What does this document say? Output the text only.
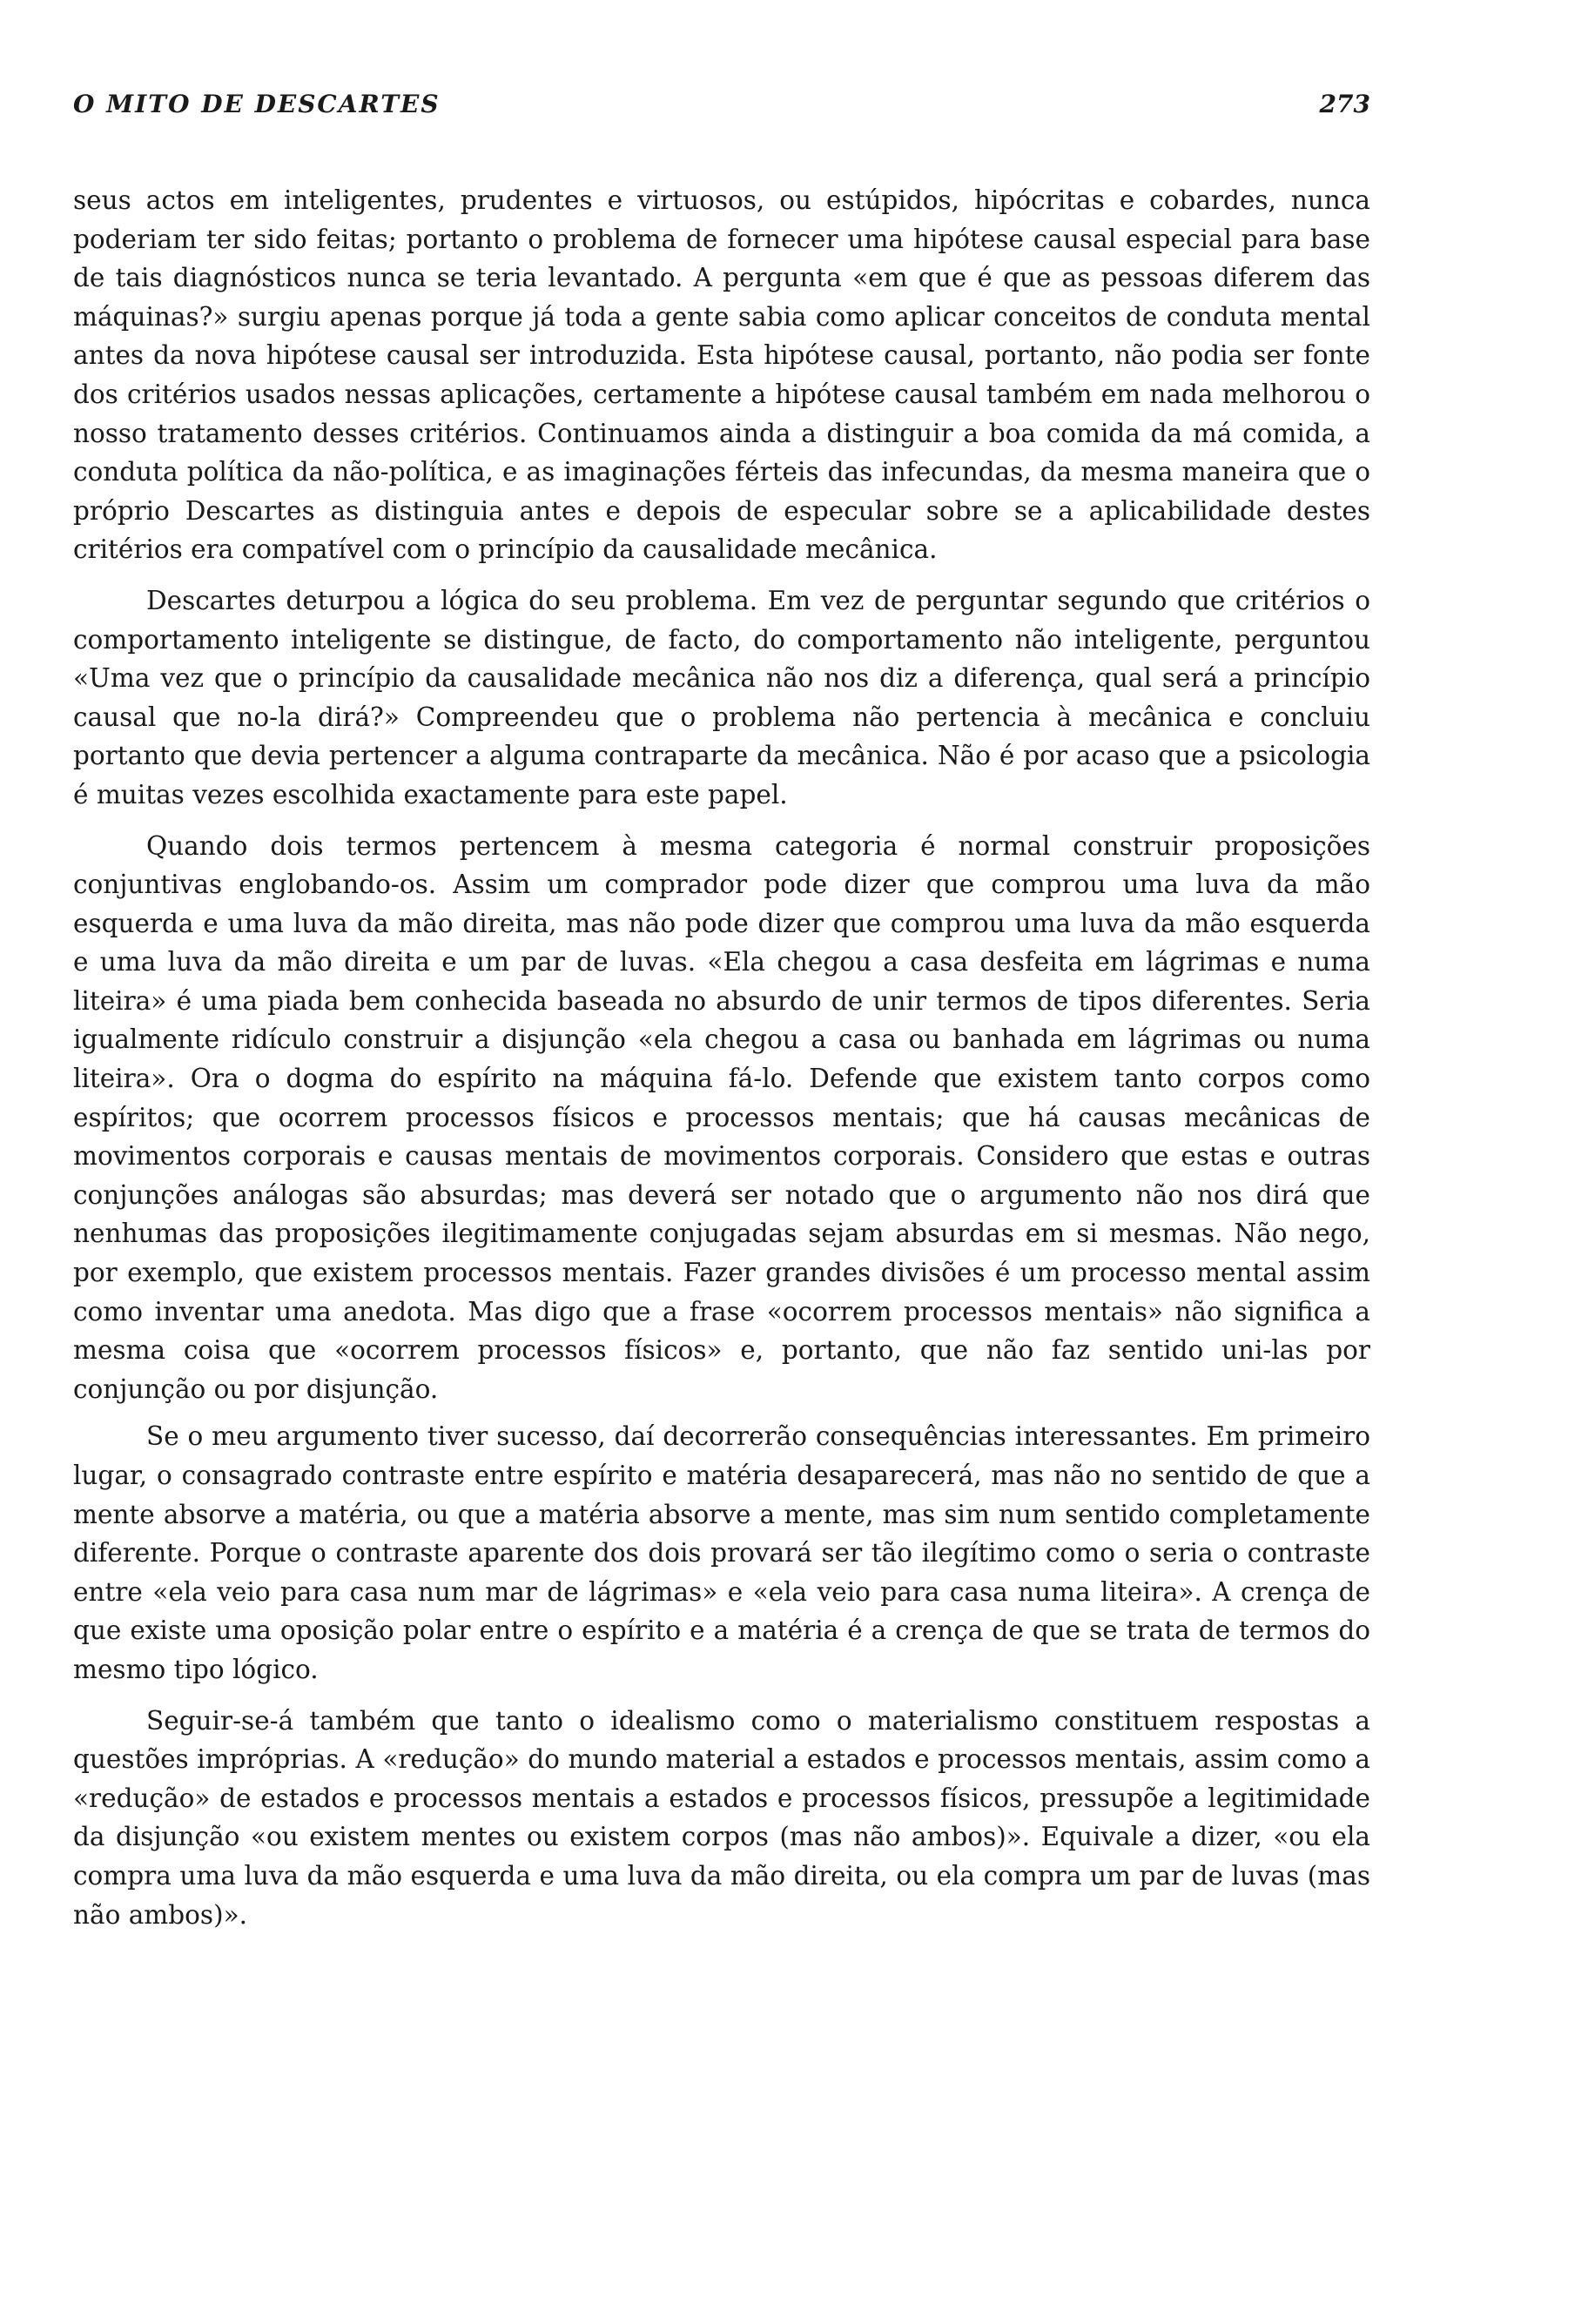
O MITO DE DESCARTES	273

seus actos em inteligentes, prudentes e virtuosos, ou estúpidos, hipócritas e cobardes, nunca poderiam ter sido feitas; portanto o problema de fornecer uma hipótese causal especial para base de tais diagnósticos nunca se teria levantado. A pergunta «em que é que as pessoas diferem das máquinas?» surgiu apenas porque já toda a gente sabia como aplicar conceitos de conduta mental antes da nova hipótese causal ser introduzida. Esta hipótese causal, portanto, não podia ser fonte dos critérios usados nessas aplicações, certamente a hipótese causal também em nada melhorou o nosso tratamento desses critérios. Continuamos ainda a distinguir a boa comida da má comida, a conduta política da não-política, e as imaginações férteis das infecundas, da mesma maneira que o próprio Descartes as distinguia antes e depois de especular sobre se a aplicabilidade destes critérios era compatível com o princípio da causalidade mecânica.

Descartes deturpou a lógica do seu problema. Em vez de perguntar segundo que critérios o comportamento inteligente se distingue, de facto, do comportamento não inteligente, perguntou «Uma vez que o princípio da causalidade mecânica não nos diz a diferença, qual será a princípio causal que no-la dirá?» Compreendeu que o problema não pertencia à mecânica e concluiu portanto que devia pertencer a alguma contraparte da mecânica. Não é por acaso que a psicologia é muitas vezes escolhida exactamente para este papel.

Quando dois termos pertencem à mesma categoria é normal construir proposições conjuntivas englobando-os. Assim um comprador pode dizer que comprou uma luva da mão esquerda e uma luva da mão direita, mas não pode dizer que comprou uma luva da mão esquerda e uma luva da mão direita e um par de luvas. «Ela chegou a casa desfeita em lágrimas e numa liteira» é uma piada bem conhecida baseada no absurdo de unir termos de tipos diferentes. Seria igualmente ridículo construir a disjunção «ela chegou a casa ou banhada em lágrimas ou numa liteira». Ora o dogma do espírito na máquina fá-lo. Defende que existem tanto corpos como espíritos; que ocorrem processos físicos e processos mentais; que há causas mecânicas de movimentos corporais e causas mentais de movimentos corporais. Considero que estas e outras conjunções análogas são absurdas; mas deverá ser notado que o argumento não nos dirá que nenhumas das proposições ilegitimamente conjugadas sejam absurdas em si mesmas. Não nego, por exemplo, que existem processos mentais. Fazer grandes divisões é um processo mental assim como inventar uma anedota. Mas digo que a frase «ocorrem processos mentais» não significa a mesma coisa que «ocorrem processos físicos» e, portanto, que não faz sentido uni-las por conjunção ou por disjunção.

Se o meu argumento tiver sucesso, daí decorrerão consequências interessantes. Em primeiro lugar, o consagrado contraste entre espírito e matéria desaparecerá, mas não no sentido de que a mente absorve a matéria, ou que a matéria absorve a mente, mas sim num sentido completamente diferente. Porque o contraste aparente dos dois provará ser tão ilegítimo como o seria o contraste entre «ela veio para casa num mar de lágrimas» e «ela veio para casa numa liteira». A crença de que existe uma oposição polar entre o espírito e a matéria é a crença de que se trata de termos do mesmo tipo lógico.

Seguir-se-á também que tanto o idealismo como o materialismo constituem respostas a questões impróprias. A «redução» do mundo material a estados e processos mentais, assim como a «redução» de estados e processos mentais a estados e processos físicos, pressupõe a legitimidade da disjunção «ou existem mentes ou existem corpos (mas não ambos)». Equivale a dizer, «ou ela compra uma luva da mão esquerda e uma luva da mão direita, ou ela compra um par de luvas (mas não ambos)».
